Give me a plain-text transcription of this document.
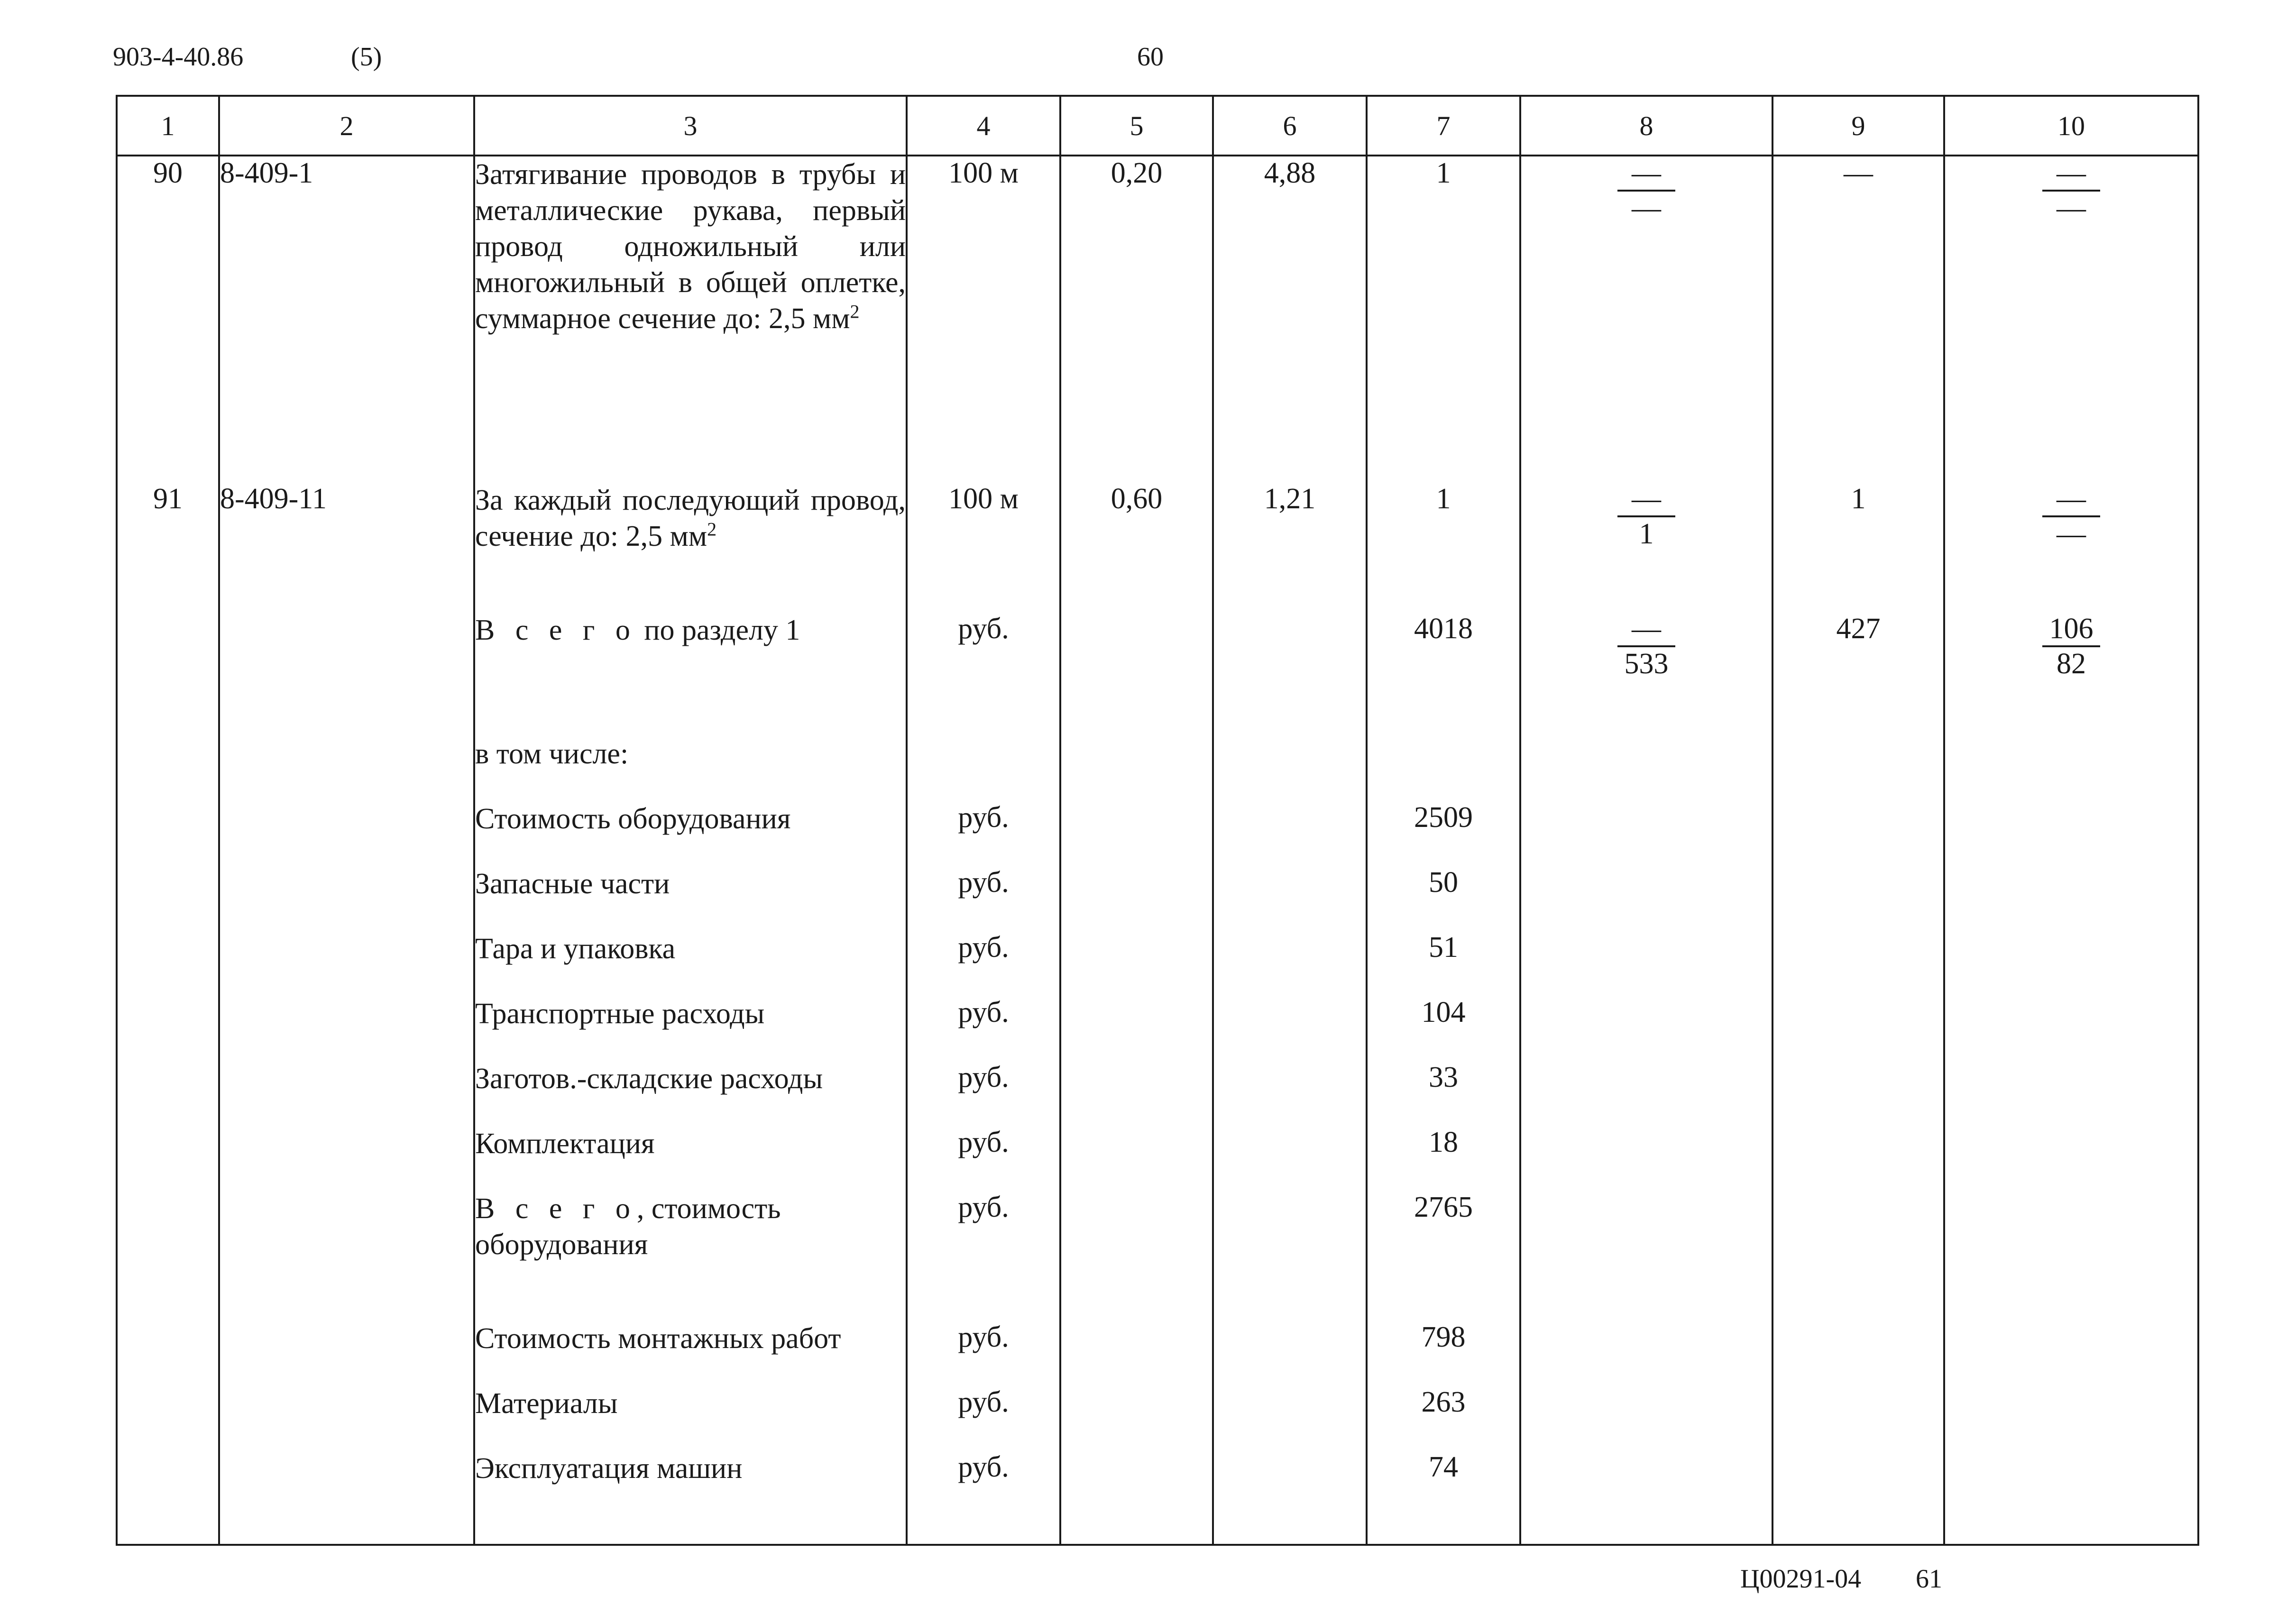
903-4-40.86	(5)	60
1	2	3	4	5	6	7	8	9	10
90	8-409-1	Затягивание проводов в трубы и металлические рукава, первый провод одножильный или многожильный в общей оплетке, суммарное сечение до: 2,5 $мм^2$	100 м	0,20	4,88	1	$\frac{—}{—}$	—	$\frac{—}{—}$

91	8-409-11	За каждый последующий провод, сечение до: 2,5 $мм^2$	100 м	0,60	1,21	1	$\frac{—}{1}$	1	$\frac{—}{—}$

		В с е г о по разделу 1	руб.			4018	$\frac{—}{533}$	427	$\frac{106}{82}$

		в том числе:							
		Стоимость оборудования	руб.			2509			
		Запасные части	руб.			50			
		Тара и упаковка	руб.			51			
		Транспортные расходы	руб.			104			
		Заготов.-складские расходы	руб.			33			
		Комплектация	руб.			18			
		В с е г о, стоимость оборудования	руб.			2765			
		Стоимость монтажных работ	руб.			798			
		Материалы	руб.			263			
		Эксплуатация машин	руб.			74			

Ц00291-04 61
